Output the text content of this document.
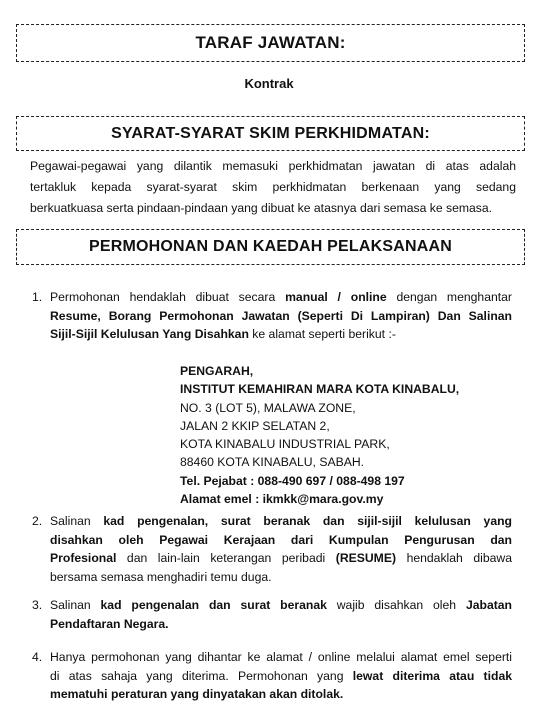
TARAF JAWATAN:
Kontrak
SYARAT-SYARAT SKIM PERKHIDMATAN:
Pegawai-pegawai yang dilantik memasuki perkhidmatan jawatan di atas adalah
tertakluk kepada syarat-syarat skim perkhidmatan berkenaan yang sedang
berkuatkuasa serta pindaan-pindaan yang dibuat ke atasnya dari semasa ke semasa.
PERMOHONAN DAN KAEDAH PELAKSANAAN
1. Permohonan hendaklah dibuat secara manual / online dengan menghantar
Resume, Borang Permohonan Jawatan (Seperti Di Lampiran) Dan Salinan
Sijil-Sijil Kelulusan Yang Disahkan ke alamat seperti berikut :-
PENGARAH,
INSTITUT KEMAHIRAN MARA KOTA KINABALU,
NO. 3 (LOT 5), MALAWA ZONE,
JALAN 2 KKIP SELATAN 2,
KOTA KINABALU INDUSTRIAL PARK,
88460 KOTA KINABALU, SABAH.
Tel. Pejabat : 088-490 697 / 088-498 197
Alamat emel : ikmkk@mara.gov.my
2. Salinan kad pengenalan, surat beranak dan sijil-sijil kelulusan yang
disahkan oleh Pegawai Kerajaan dari Kumpulan Pengurusan dan
Profesional dan lain-lain keterangan peribadi (RESUME) hendaklah dibawa
bersama semasa menghadiri temu duga.
3. Salinan kad pengenalan dan surat beranak wajib disahkan oleh Jabatan
Pendaftaran Negara.
4. Hanya permohonan yang dihantar ke alamat / online melalui alamat emel seperti
di atas sahaja yang diterima. Permohonan yang lewat diterima atau tidak
mematuhi peraturan yang dinyatakan akan ditolak.
